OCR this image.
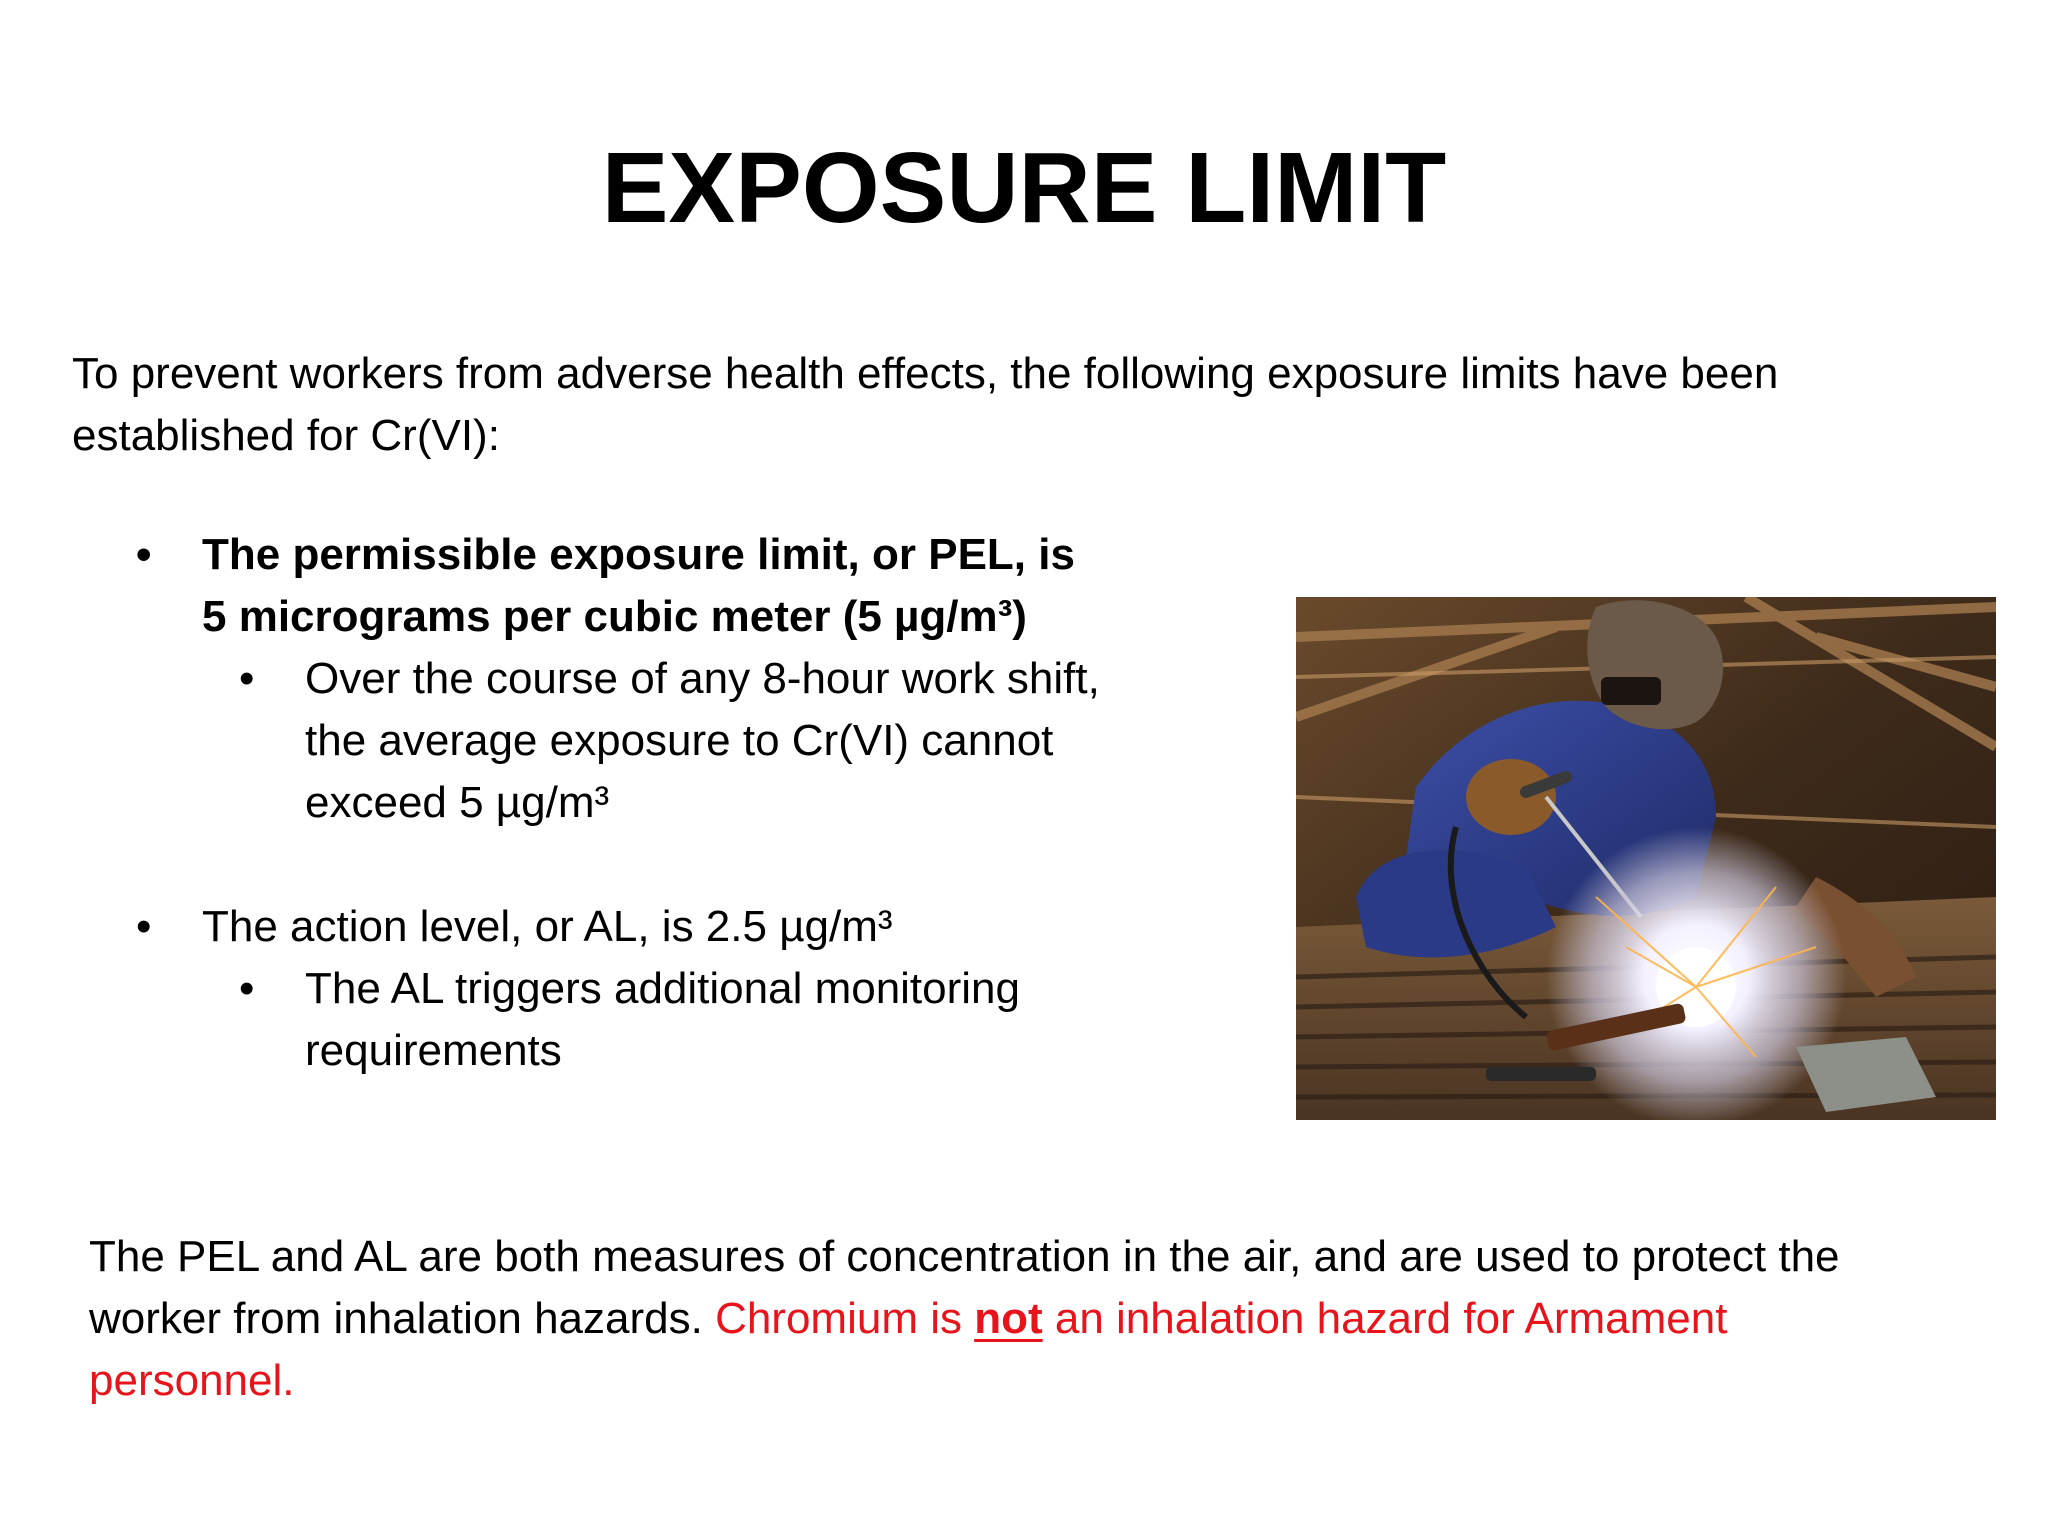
EXPOSURE LIMIT
To prevent workers from adverse health effects, the following exposure limits have been established for Cr(VI):
• The permissible exposure limit, or PEL, is 5 micrograms per cubic meter (5 µg/m³)
• Over the course of any 8-hour work shift, the average exposure to Cr(VI) cannot exceed 5 µg/m³
• The action level, or AL, is 2.5 µg/m³
• The AL triggers additional monitoring requirements
The PEL and AL are both measures of concentration in the air, and are used to protect the worker from inhalation hazards. Chromium is not an inhalation hazard for Armament personnel.
